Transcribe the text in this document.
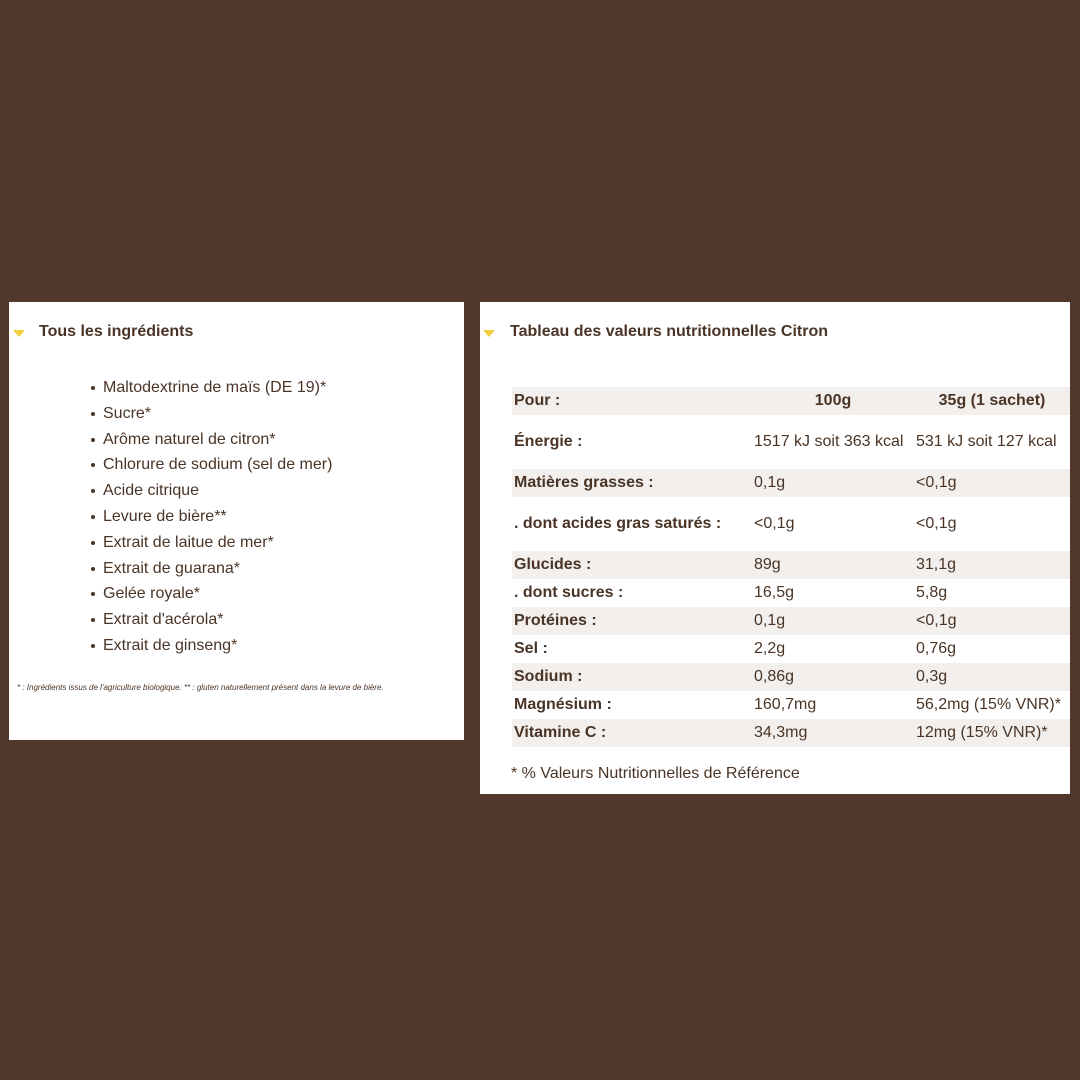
Tous les ingrédients
Maltodextrine de maïs (DE 19)*
Sucre*
Arôme naturel de citron*
Chlorure de sodium (sel de mer)
Acide citrique
Levure de bière**
Extrait de laitue de mer*
Extrait de guarana*
Gelée royale*
Extrait d'acérola*
Extrait de ginseng*
* : Ingrédients issus de l'agriculture biologique. ** : gluten naturellement présent dans la levure de bière.
Tableau des valeurs nutritionnelles Citron
Pour :	100g	35g (1 sachet)
Énergie :	1517 kJ soit 363 kcal	531 kJ soit 127 kcal
Matières grasses :	0,1g	<0,1g
. dont acides gras saturés :	<0,1g	<0,1g
Glucides :	89g	31,1g
. dont sucres :	16,5g	5,8g
Protéines :	0,1g	<0,1g
Sel :	2,2g	0,76g
Sodium :	0,86g	0,3g
Magnésium :	160,7mg	56,2mg (15% VNR)*
Vitamine C :	34,3mg	12mg (15% VNR)*
* % Valeurs Nutritionnelles de Référence
